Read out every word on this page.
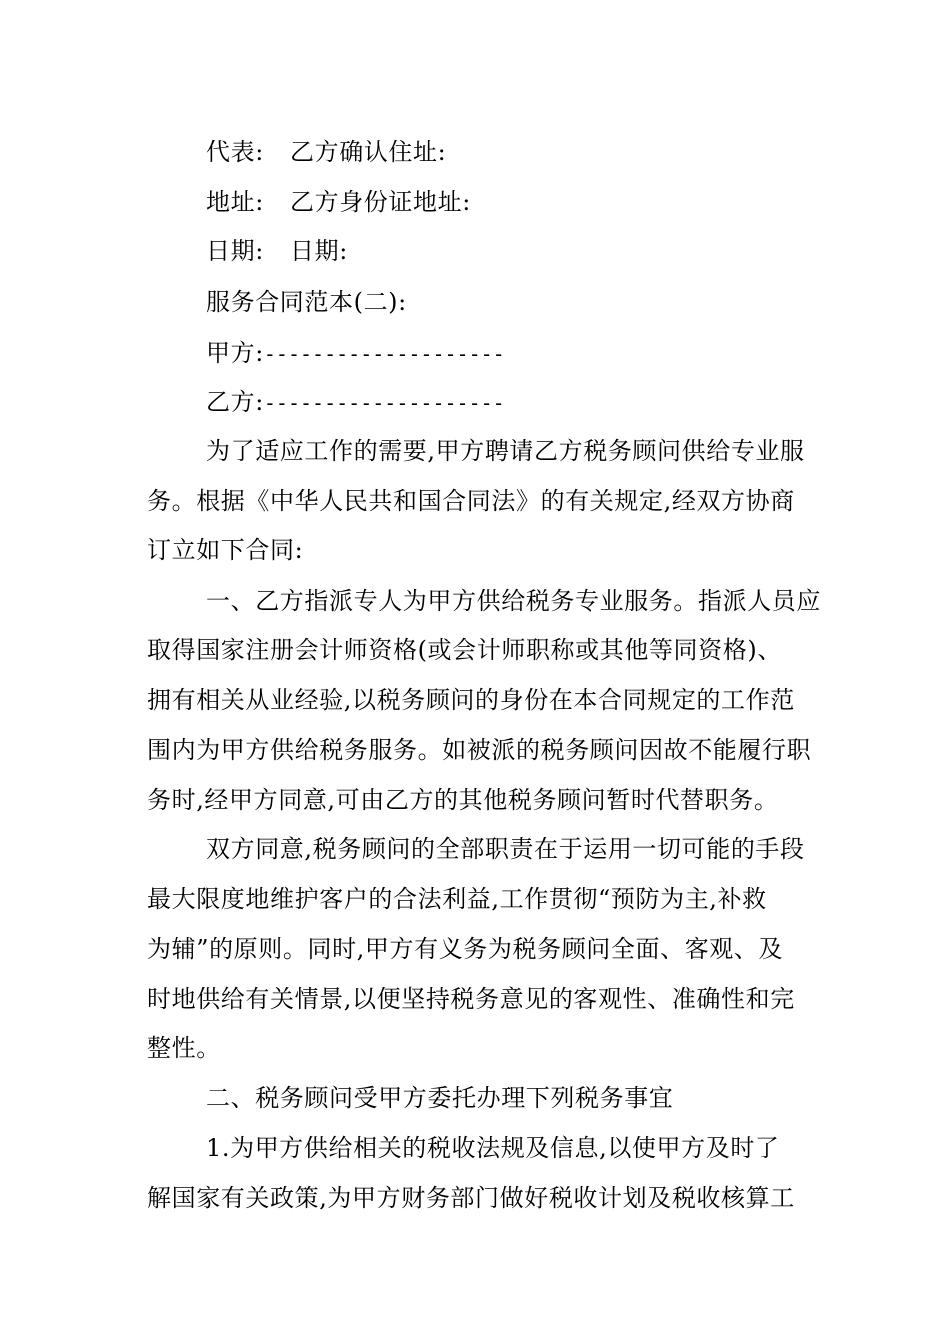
代表: 乙方确认住址:
地址: 乙方身份证地址:
日期: 日期:
服务合同范本(二):
甲方:--------------------
乙方:--------------------
为了适应工作的需要,甲方聘请乙方税务顾问供给专业服
务。根据《中华人民共和国合同法》的有关规定,经双方协商
订立如下合同:
一、乙方指派专人为甲方供给税务专业服务。指派人员应
取得国家注册会计师资格(或会计师职称或其他等同资格)、
拥有相关从业经验,以税务顾问的身份在本合同规定的工作范
围内为甲方供给税务服务。如被派的税务顾问因故不能履行职
务时,经甲方同意,可由乙方的其他税务顾问暂时代替职务。
双方同意,税务顾问的全部职责在于运用一切可能的手段
最大限度地维护客户的合法利益,工作贯彻“预防为主,补救
为辅”的原则。同时,甲方有义务为税务顾问全面、客观、及
时地供给有关情景,以便坚持税务意见的客观性、准确性和完
整性。
二、税务顾问受甲方委托办理下列税务事宜
1.为甲方供给相关的税收法规及信息,以使甲方及时了
解国家有关政策,为甲方财务部门做好税收计划及税收核算工
